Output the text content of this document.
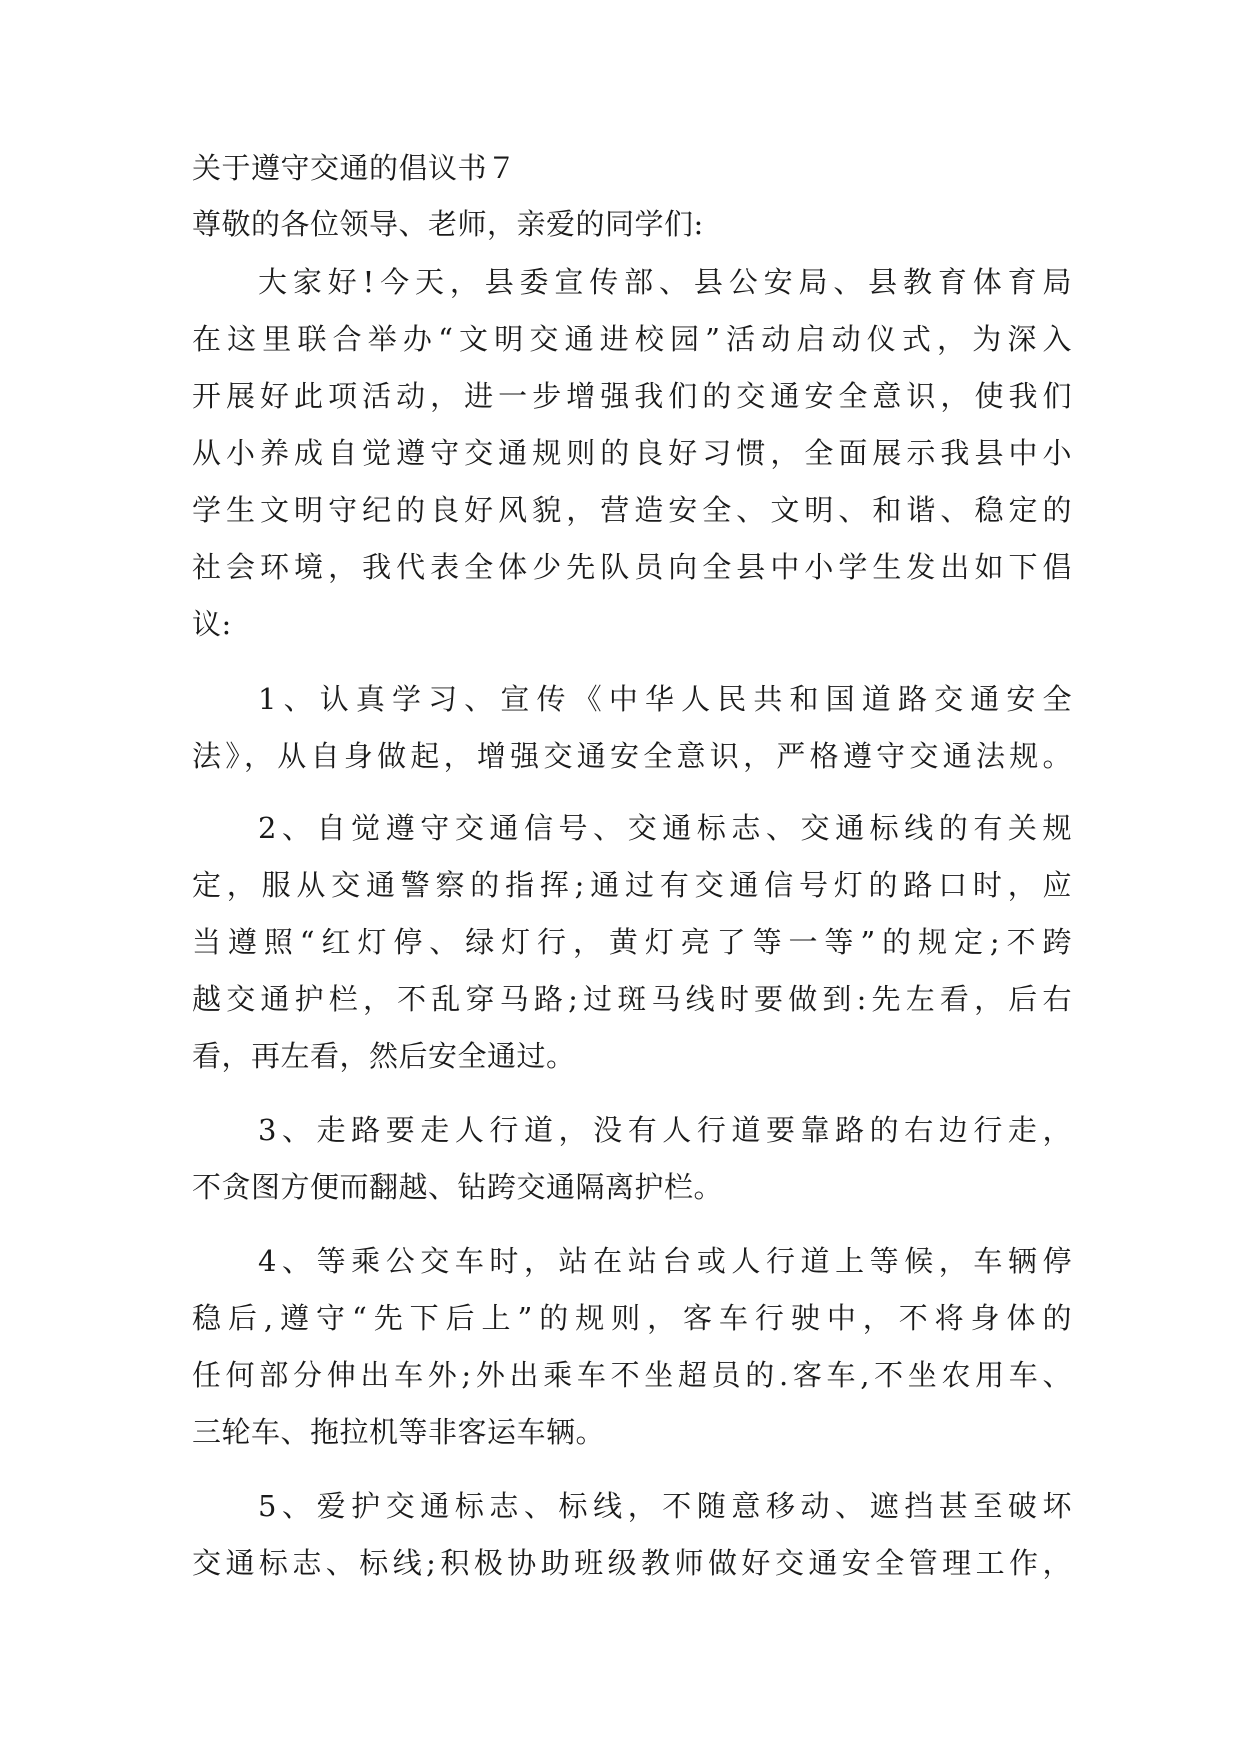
关于遵守交通的倡议书７
尊敬的各位领导、老师，亲爱的同学们:
大家好!今天，县委宣传部、县公安局、县教育体育局
在这里联合举办“文明交通进校园”活动启动仪式，为深入
开展好此项活动，进一步增强我们的交通安全意识，使我们
从小养成自觉遵守交通规则的良好习惯，全面展示我县中小
学生文明守纪的良好风貌，营造安全、文明、和谐、稳定的
社会环境，我代表全体少先队员向全县中小学生发出如下倡
议:
1、认真学习、宣传《中华人民共和国道路交通安全
法》，从自身做起，增强交通安全意识，严格遵守交通法规。
2、自觉遵守交通信号、交通标志、交通标线的有关规
定，服从交通警察的指挥;通过有交通信号灯的路口时，应
当遵照“红灯停、绿灯行，黄灯亮了等一等”的规定;不跨
越交通护栏，不乱穿马路;过斑马线时要做到:先左看，后右
看，再左看，然后安全通过。
3、走路要走人行道，没有人行道要靠路的右边行走，
不贪图方便而翻越、钻跨交通隔离护栏。
4、等乘公交车时，站在站台或人行道上等候，车辆停
稳后,遵守“先下后上”的规则，客车行驶中，不将身体的
任何部分伸出车外;外出乘车不坐超员的.客车,不坐农用车、
三轮车、拖拉机等非客运车辆。
5、爱护交通标志、标线，不随意移动、遮挡甚至破坏
交通标志、标线;积极协助班级教师做好交通安全管理工作，
